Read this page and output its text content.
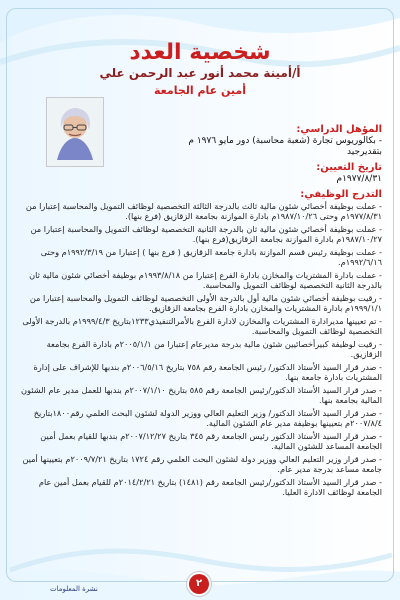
شخصية العدد
أ/أمينة محمد أنور عبد الرحمن علي
أمين عام الجامعة

المؤهل الدراسي:

- بكالوريوس تجارة (شعبة محاسبة) دور مايو ١٩٧٦ م

بتقديرجيد

تاريخ التعيين:

١٩٧٧/٨/٣١م

التدرج الوظيفي:

- عملت بوظيفة أخصائي شئون مالية ثالث بالدرجة الثالثة التخصصية لوظائف التمويل والمحاسبة إعتبارا من ١٩٧٧/٨/٣١م وحتى ١٩٨٧/١٠/٢٦م بادارة الموازنة بجامعة الزقازيق (فرع بنها).

- عملت بوظيفة أخصائي شئون مالية ثان بالدرجة الثانية التخصصية لوظائف التمويل والمحاسبة إعتبارا من ١٩٨٧/١٠/٢٧م بادارة الموازنة بجامعة الزقازيق(فرع بنها).

- عملت بوظيفة رئيس قسم الموازنة بادارة جامعة الزقازيق ( فرع بنها ) إعتبارا من ١٩٩٢/٣/١٩م وحتى ١٩٩٢/٦/١٦م.

- عملت بادارة المشتريات والمخازن بادارة الفرع إعتبارا من ١٩٩٣/٨/١٨م بوظيفة أخصائي شئون مالية ثان بالدرجة الثانية التخصصية لوظائف التمويل والمحاسبة.

- رقيت بوظيفة أخصائي شئون مالية أول بالدرجة الأولى التخصصية لوظائف التمويل والمحاسبة إعتبارا من ١٩٩٩/١/١م بادارة المشتريات والمخازن بادارة الفرع بجامعة الزقازيق.

- تم تعيينها مديرادارة المشتريات والمخازن لادارة الفرع بالأمرالتنفيذي١٢٣٣بتاريخ ١٩٩٩/٤/٣م بالدرجة الأولى التخصصية لوظائف التمويل والمحاسبة.

- رقيت لوظيفة كبيرأخصائيين شئون مالية بدرجة مديرعام إعتبارا من ٢٠٠٥/١/١م بادارة الفرع بجامعة الزقازيق.

- صدر قرار السيد الأستاذ الدكتور/ رئيس الجامعة رقم ٧٥٨ بتاريخ ٢٠٠٦/٥/١٦م بندبها للإشراف على إدارة المشتريات بادارة جامعة بنها.

- صدر قرار السيد الأستاذ الدكتور/رئيس الجامعة رقم ٥٨٥ بتاريخ ٢٠٠٧/١/١٠م بندبها للعمل مدير عام الشئون المالية بجامعة بنها.

- صدر قرار السيد الأستاذ الدكتور/ وزير التعليم العالي ووزير الدولة لشئون البحث العلمي رقم١٨٠٠بتاريخ ٢٠٠٧/٨/٤م بتعيينها بوظيفة مدير عام الشئون المالية.

- صدر قرار السيد الأستاذ الدكتور رئيس الجامعة رقم ٣٤٥ بتاريخ ٢٠٠٧/١٢/٢٧م بندبها للقيام بعمل أمين الجامعة المساعد للشئون المالية.

- صدر قرار وزير التعليم العالي ووزير دولة لشئون البحث العلمي رقم ١٧٢٤ بتاريخ ٢٠٠٩/٧/٢١م بتعيينها أمين جامعة مساعد بدرجة مدير عام.

- صدر قرار السيد الأستاذ الدكتور/رئيس الجامعة رقم (١٤٨١) بتاريخ ٢٠١٤/٢/٢١م للقيام بعمل أمين عام الجامعة لوظائف الادارة العليا.

نشرة المعلومات	٢
